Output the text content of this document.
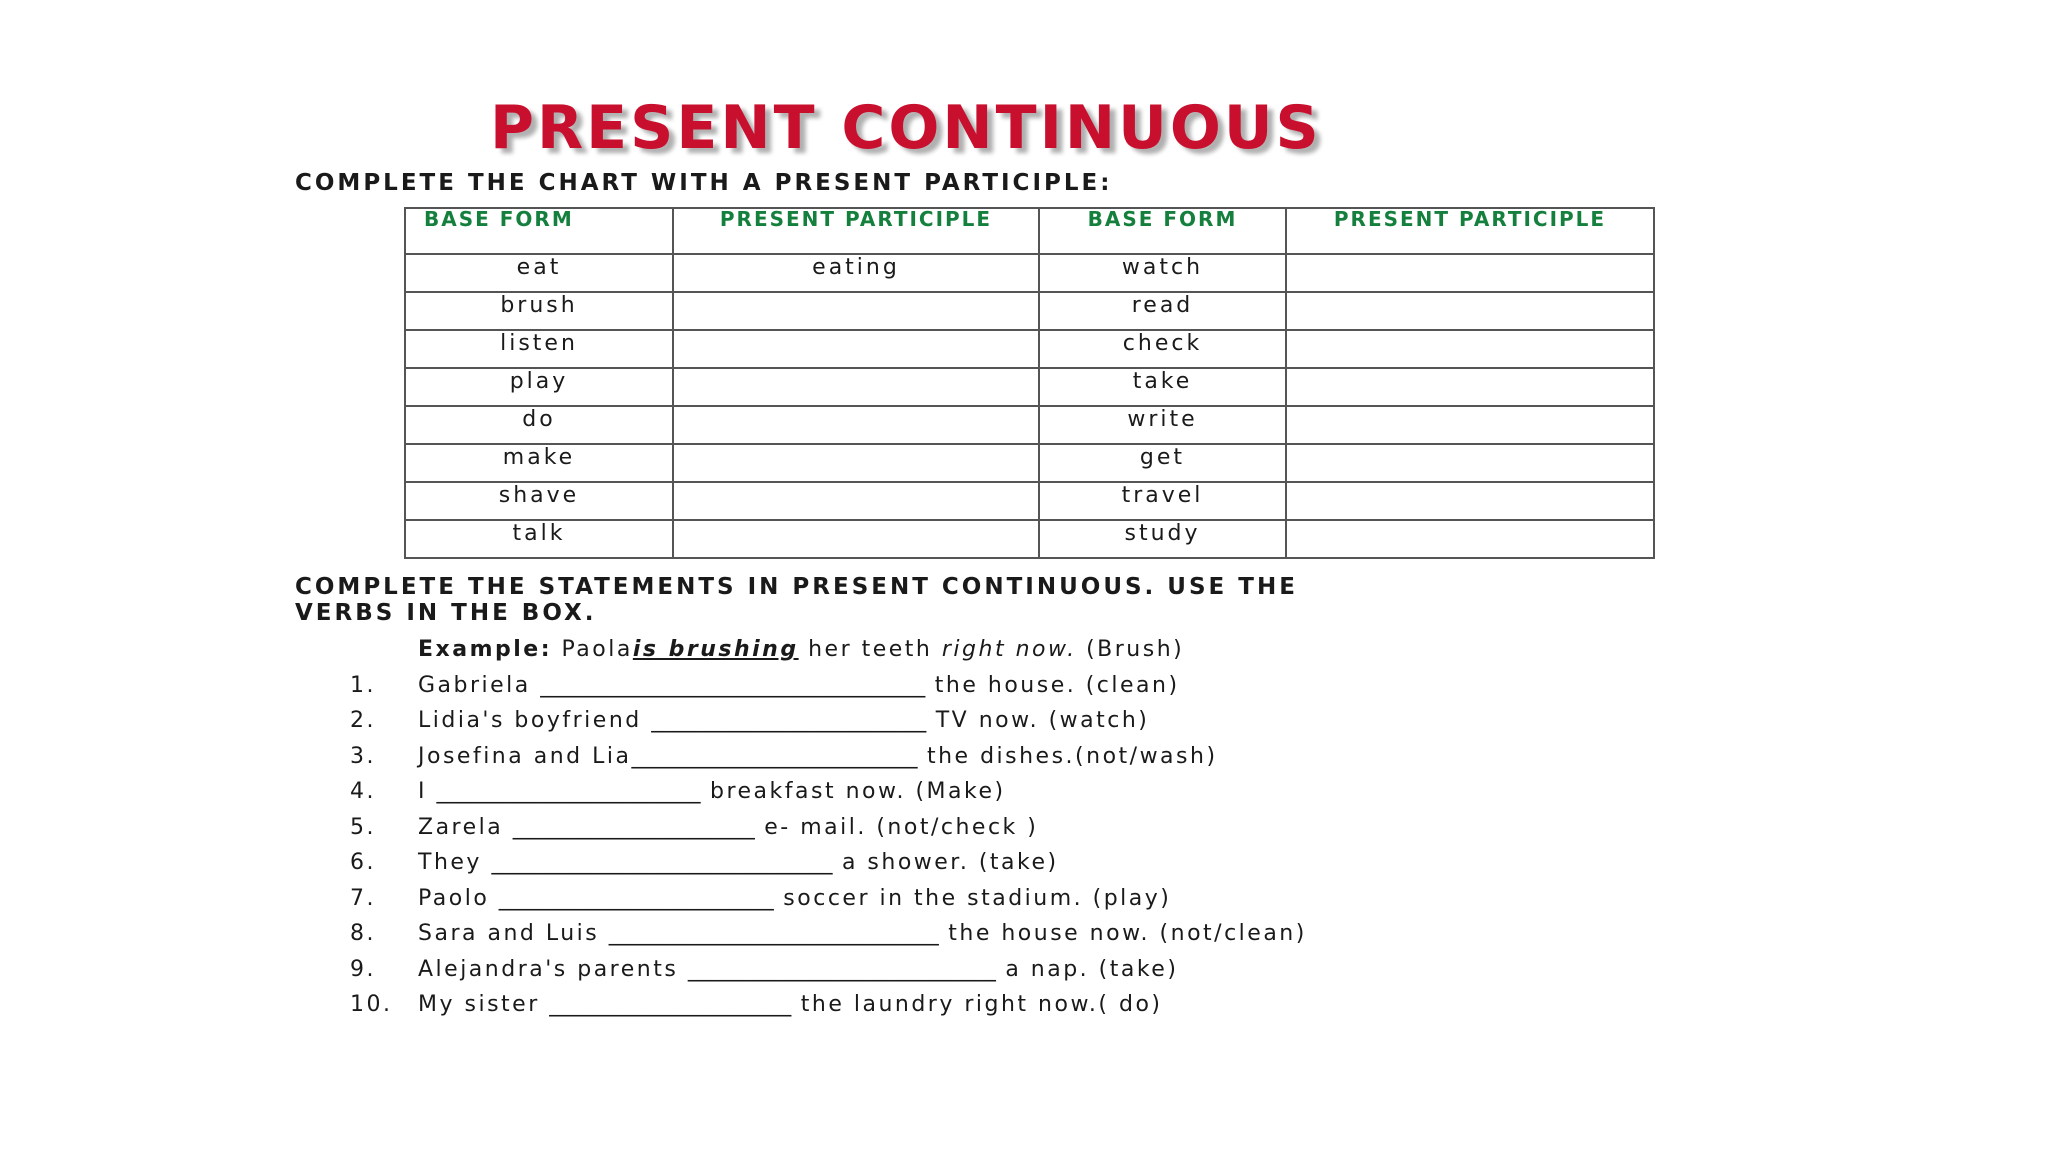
PRESENT CONTINUOUS

COMPLETE THE CHART WITH A PRESENT PARTICIPLE:

BASE FORM	PRESENT PARTICIPLE	BASE FORM	PRESENT PARTICIPLE
eat	eating	watch	
brush		read	
listen		check	
play		take	
do		write	
make		get	
shave		travel	
talk		study	

COMPLETE THE STATEMENTS IN PRESENT CONTINUOUS. USE THE
VERBS IN THE BOX.

Example: Paolais brushing her teeth right now. (Brush)
1. Gabriela ___________________________________ the house. (clean)
2. Lidia's boyfriend _________________________ TV now. (watch)
3. Josefina and Lia__________________________ the dishes.(not/wash)
4. I ________________________ breakfast now. (Make)
5. Zarela ______________________ e- mail. (not/check )
6. They _______________________________ a shower. (take)
7. Paolo _________________________ soccer in the stadium. (play)
8. Sara and Luis ______________________________ the house now. (not/clean)
9. Alejandra's parents ____________________________ a nap. (take)
10. My sister ______________________ the laundry right now.( do)
